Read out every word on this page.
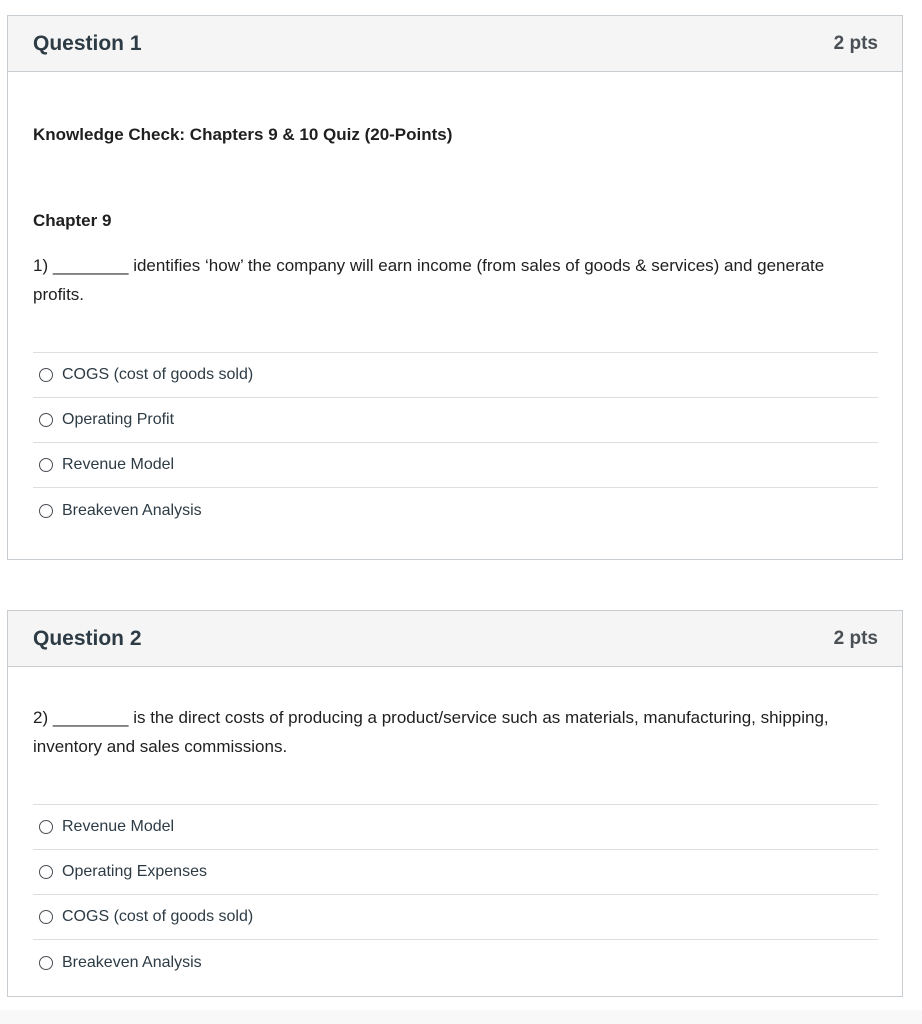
Question 1	2 pts
Knowledge Check: Chapters 9 & 10 Quiz (20-Points)
Chapter 9
1) ________ identifies ‘how’ the company will earn income (from sales of goods & services) and generate profits.
COGS (cost of goods sold)
Operating Profit
Revenue Model
Breakeven Analysis
Question 2	2 pts
2) ________ is the direct costs of producing a product/service such as materials, manufacturing, shipping, inventory and sales commissions.
Revenue Model
Operating Expenses
COGS (cost of goods sold)
Breakeven Analysis
